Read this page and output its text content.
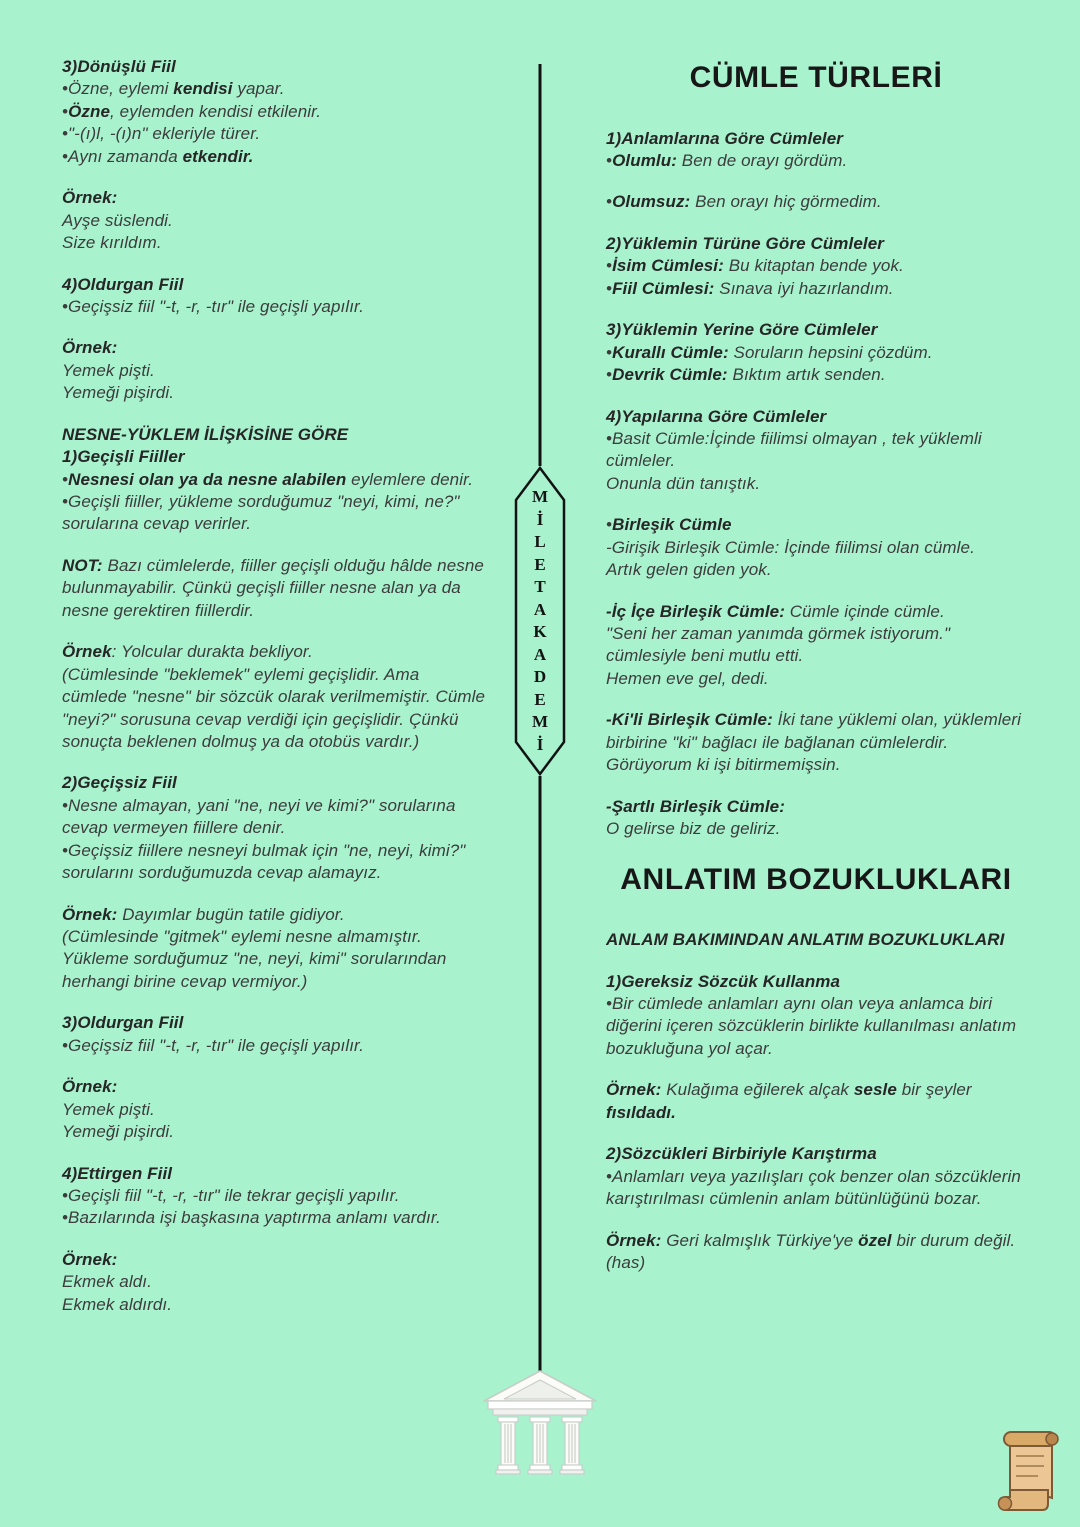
3)Dönüşlü Fiil
•Özne, eylemi kendisi yapar.
•Özne, eylemden kendisi etkilenir.
•"-(ı)l, -(ı)n" ekleriyle türer.
•Aynı zamanda etkendir.
Örnek:
Ayşe süslendi.
Size kırıldım.
4)Oldurgan Fiil
•Geçişsiz fiil "-t, -r, -tır" ile geçişli yapılır.
Örnek:
Yemek pişti.
Yemeği pişirdi.
NESNE-YÜKLEM İLİŞKİSİNE GÖRE
1)Geçişli Fiiller
•Nesnesi olan ya da nesne alabilen eylemlere denir.
•Geçişli fiiller, yükleme sorduğumuz "neyi, kimi, ne?" sorularına cevap verirler.
NOT: Bazı cümlelerde, fiiller geçişli olduğu hâlde nesne bulunmayabilir. Çünkü geçişli fiiller nesne alan ya da nesne gerektiren fiillerdir.
Örnek: Yolcular durakta bekliyor.
(Cümlesinde "beklemek" eylemi geçişlidir. Ama cümlede "nesne" bir sözcük olarak verilmemiştir. Cümle "neyi?" sorusuna cevap verdiği için geçişlidir. Çünkü sonuçta beklenen dolmuş ya da otobüs vardır.)
2)Geçişsiz Fiil
•Nesne almayan, yani "ne, neyi ve kimi?" sorularına cevap vermeyen fiillere denir.
•Geçişsiz fiillere nesneyi bulmak için "ne, neyi, kimi?" sorularını sorduğumuzda cevap alamayız.
Örnek: Dayımlar bugün tatile gidiyor.
(Cümlesinde "gitmek" eylemi nesne almamıştır. Yükleme sorduğumuz "ne, neyi, kimi" sorularından herhangi birine cevap vermiyor.)
3)Oldurgan Fiil
•Geçişsiz fiil "-t, -r, -tır" ile geçişli yapılır.
Örnek:
Yemek pişti.
Yemeği pişirdi.
4)Ettirgen Fiil
•Geçişli fiil "-t, -r, -tır" ile tekrar geçişli yapılır.
•Bazılarında işi başkasına yaptırma anlamı vardır.
Örnek:
Ekmek aldı.
Ekmek aldırdı.
M
İ
L
E
T
A
K
A
D
E
M
İ
CÜMLE TÜRLERİ
1)Anlamlarına Göre Cümleler
•Olumlu: Ben de orayı gördüm.
•Olumsuz: Ben orayı hiç görmedim.
2)Yüklemin Türüne Göre Cümleler
•İsim Cümlesi: Bu kitaptan bende yok.
•Fiil Cümlesi: Sınava iyi hazırlandım.
3)Yüklemin Yerine Göre Cümleler
•Kurallı Cümle: Soruların hepsini çözdüm.
•Devrik Cümle: Bıktım artık senden.
4)Yapılarına Göre Cümleler
•Basit Cümle:İçinde fiilimsi olmayan , tek yüklemli cümleler.
Onunla dün tanıştık.
•Birleşik Cümle
-Girişik Birleşik Cümle: İçinde fiilimsi olan cümle.
Artık gelen giden yok.
-İç İçe Birleşik Cümle: Cümle içinde cümle.
"Seni her zaman yanımda görmek istiyorum." cümlesiyle beni mutlu etti.
Hemen eve gel, dedi.
-Ki'li Birleşik Cümle: İki tane yüklemi olan, yüklemleri birbirine "ki" bağlacı ile bağlanan cümlelerdir.
Görüyorum ki işi bitirmemişsin.
-Şartlı Birleşik Cümle:
O gelirse biz de geliriz.
ANLATIM BOZUKLUKLARI
ANLAM BAKIMINDAN ANLATIM BOZUKLUKLARI
1)Gereksiz Sözcük Kullanma
•Bir cümlede anlamları aynı olan veya anlamca biri diğerini içeren sözcüklerin birlikte kullanılması anlatım bozukluğuna yol açar.
Örnek: Kulağıma eğilerek alçak sesle bir şeyler fısıldadı.
2)Sözcükleri Birbiriyle Karıştırma
•Anlamları veya yazılışları çok benzer olan sözcüklerin karıştırılması cümlenin anlam bütünlüğünü bozar.
Örnek: Geri kalmışlık Türkiye'ye özel bir durum değil. (has)
